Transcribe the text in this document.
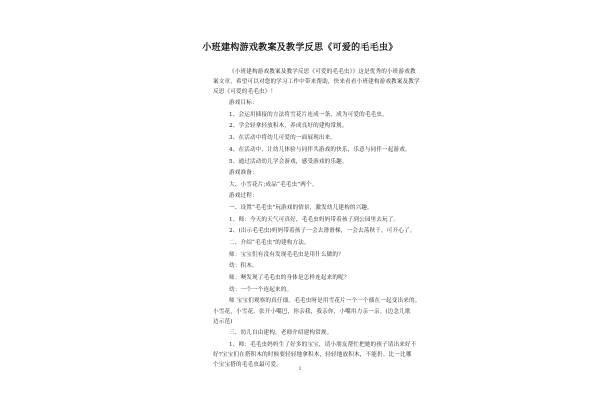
小班建构游戏教案及教学反思《可爱的毛毛虫》
《小班建构游戏教案及教学反思《可爱的毛毛虫》》这是优秀的小班游戏教
案文章，希望可以对您的学习工作中带来帮助，快来看看小班建构游戏教案及教学
反思《可爱的毛毛虫》！
游戏目标：
1、会运用插接的方法将雪花片连成一条，成为可爱的毛毛虫。
2、学会轻拿轻放积木，养成良好的建构常规。
3、在活动中将幼儿可爱的一面展现出来。
4、在活动中，让幼儿体验与同伴共游戏的快乐，乐意与同伴一起游戏。
5、通过活动幼儿学会游戏，感受游戏的乐趣。
游戏准备：
大、小雪花片;成品“毛毛虫”两个。
游戏过程：
一、设置“毛毛虫”玩游戏的情景，激发幼儿建构的兴趣。
1、师：今天的天气可真好，毛毛虫妈妈带着孩子到公园里去玩了。
2、(出示毛毛虫)妈妈带着孩子一会去滑滑梯，一会去荡秋千，可开心了。
二、介绍“毛毛虫”的建构方法。
师：宝宝们有没有发现毛毛虫是用什么做的？
幼：积木。
师：噢发现了毛毛虫的身体是怎样连起来的呢？
幼：一个一个连起来的。
师 宝宝们观察的真仔细。毛毛虫呀是用雪花片一个一个插在一起变出来的。
小雪花，小雪花，张开小嘴巴，你亲我，我亲你，小嘴用力亲一亲。(边念儿歌
边示范)
三、幼儿自由建构，老师介绍建构常规。
1、师：毛毛虫妈妈生了好多的宝宝，请小朋友帮忙把她的孩子请出来好不
好?宝宝们在搭积木的时候要轻轻地拿积木，轻轻地放积木，不能扔。比一比哪
个宝宝搭的毛毛虫最可爱。
1
